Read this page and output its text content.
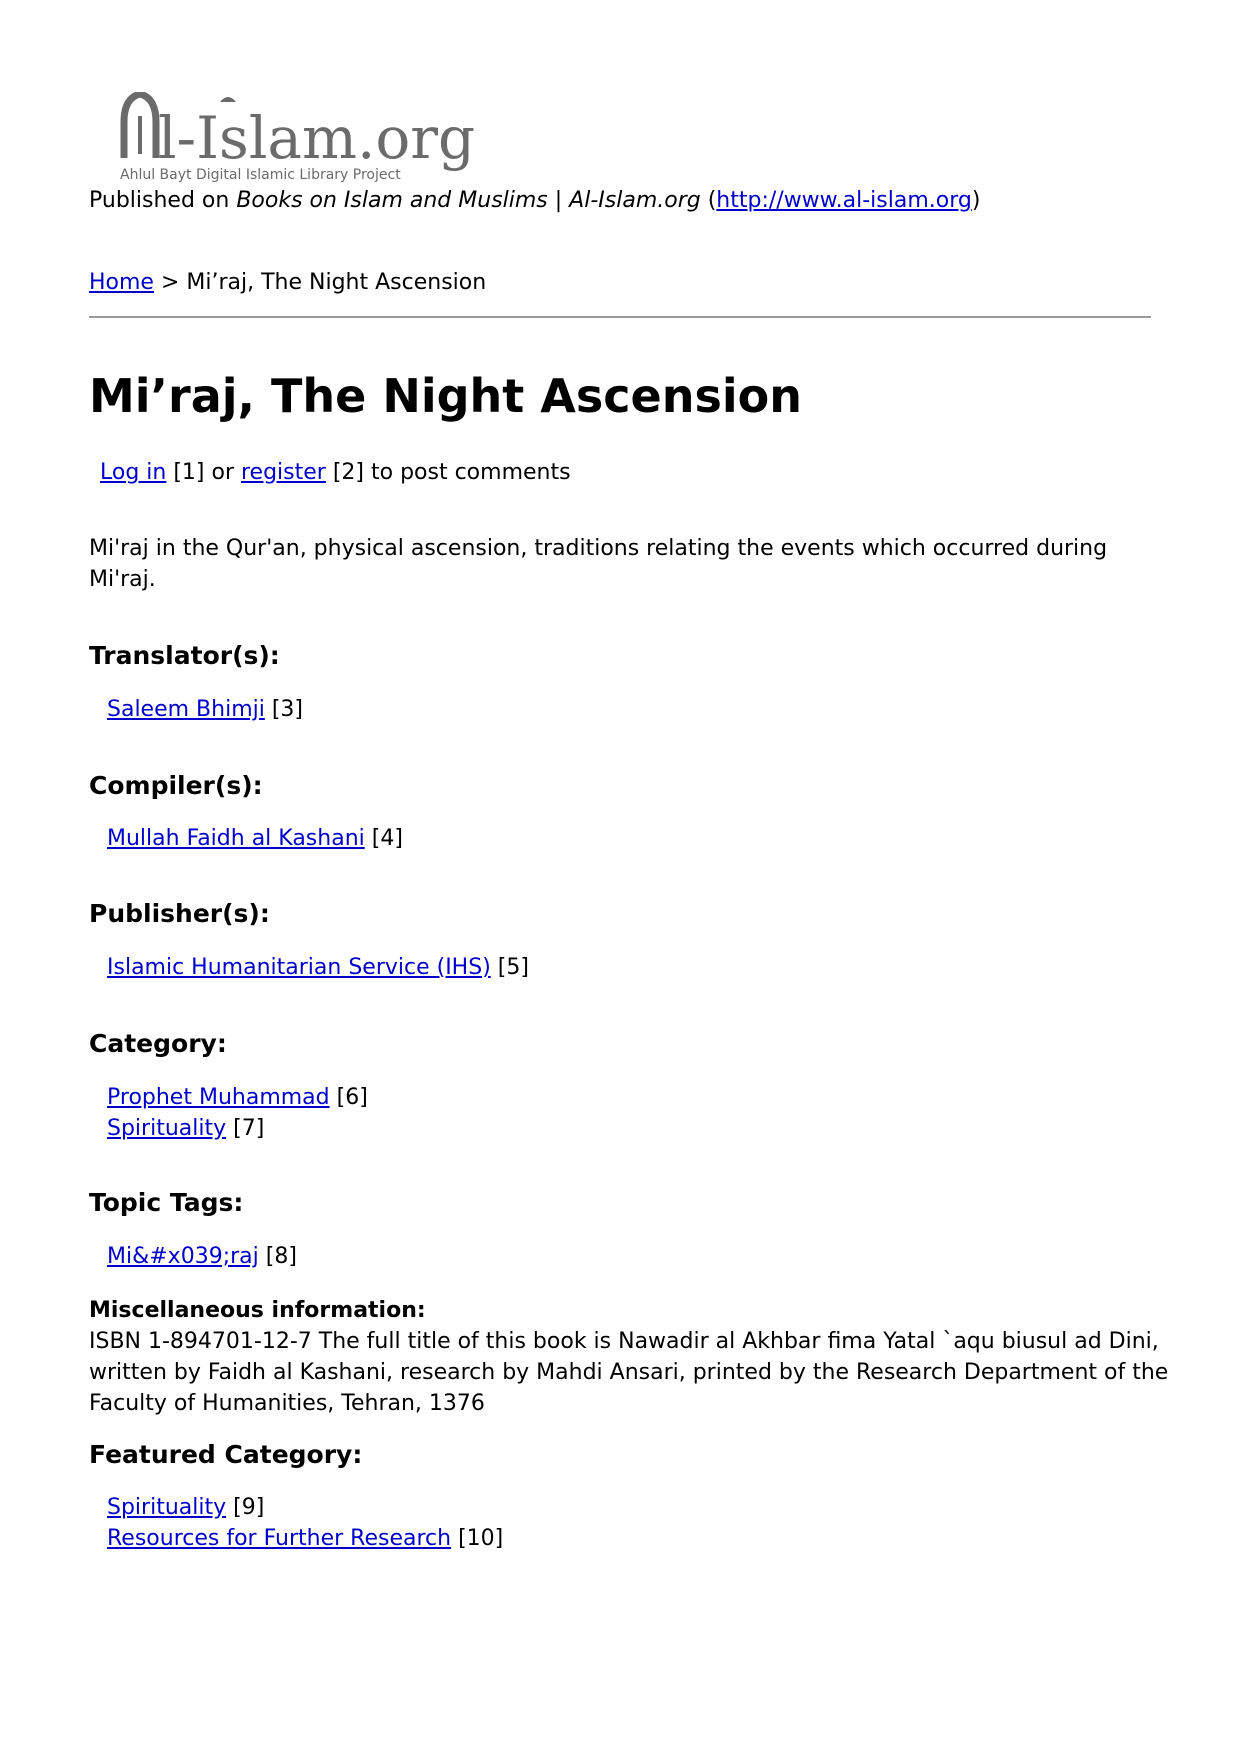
l-Islam.org
Ahlul Bayt Digital Islamic Library Project
Published on Books on Islam and Muslims | Al-Islam.org (http://www.al-islam.org)
Home > Mi’raj, The Night Ascension
Mi’raj, The Night Ascension
Log in [1] or register [2] to post comments
Mi'raj in the Qur'an, physical ascension, traditions relating the events which occurred during Mi'raj.
Translator(s):
Saleem Bhimji [3]
Compiler(s):
Mullah Faidh al Kashani [4]
Publisher(s):
Islamic Humanitarian Service (IHS) [5]
Category:
Prophet Muhammad [6]
Spirituality [7]
Topic Tags:
Mi&#x039;raj [8]
Miscellaneous information:
ISBN 1-894701-12-7 The full title of this book is Nawadir al Akhbar fima Yatal `aqu biusul ad Dini, written by Faidh al Kashani, research by Mahdi Ansari, printed by the Research Department of the Faculty of Humanities, Tehran, 1376
Featured Category:
Spirituality [9]
Resources for Further Research [10]
